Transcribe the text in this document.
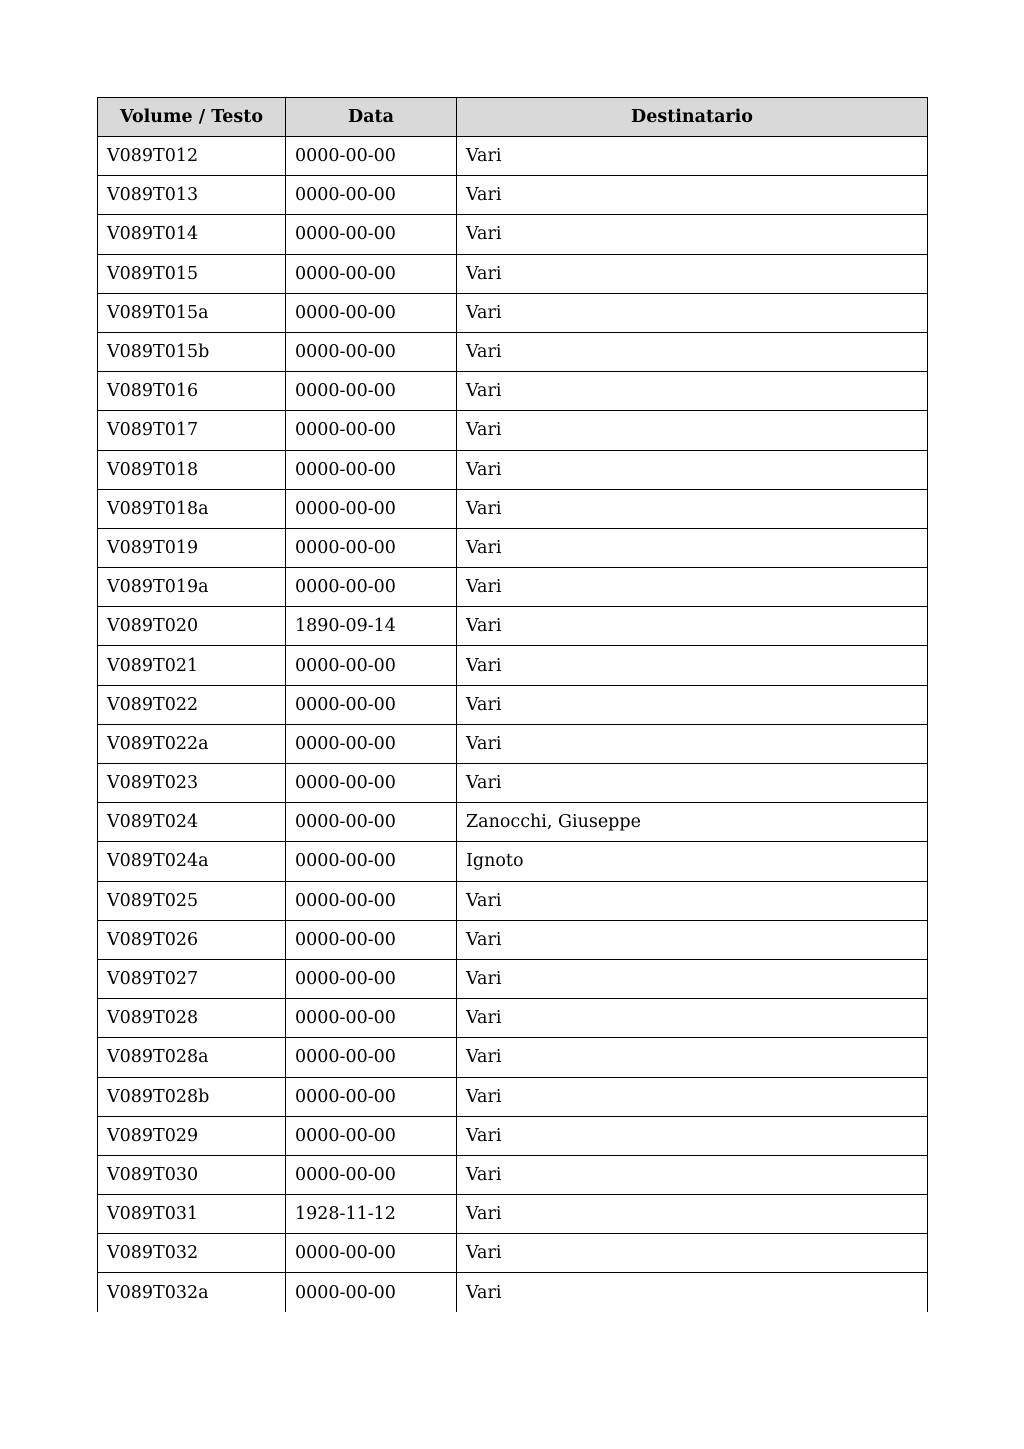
Volume / Testo	Data	Destinatario
V089T012	0000-00-00	Vari
V089T013	0000-00-00	Vari
V089T014	0000-00-00	Vari
V089T015	0000-00-00	Vari
V089T015a	0000-00-00	Vari
V089T015b	0000-00-00	Vari
V089T016	0000-00-00	Vari
V089T017	0000-00-00	Vari
V089T018	0000-00-00	Vari
V089T018a	0000-00-00	Vari
V089T019	0000-00-00	Vari
V089T019a	0000-00-00	Vari
V089T020	1890-09-14	Vari
V089T021	0000-00-00	Vari
V089T022	0000-00-00	Vari
V089T022a	0000-00-00	Vari
V089T023	0000-00-00	Vari
V089T024	0000-00-00	Zanocchi, Giuseppe
V089T024a	0000-00-00	Ignoto
V089T025	0000-00-00	Vari
V089T026	0000-00-00	Vari
V089T027	0000-00-00	Vari
V089T028	0000-00-00	Vari
V089T028a	0000-00-00	Vari
V089T028b	0000-00-00	Vari
V089T029	0000-00-00	Vari
V089T030	0000-00-00	Vari
V089T031	1928-11-12	Vari
V089T032	0000-00-00	Vari
V089T032a	0000-00-00	Vari
